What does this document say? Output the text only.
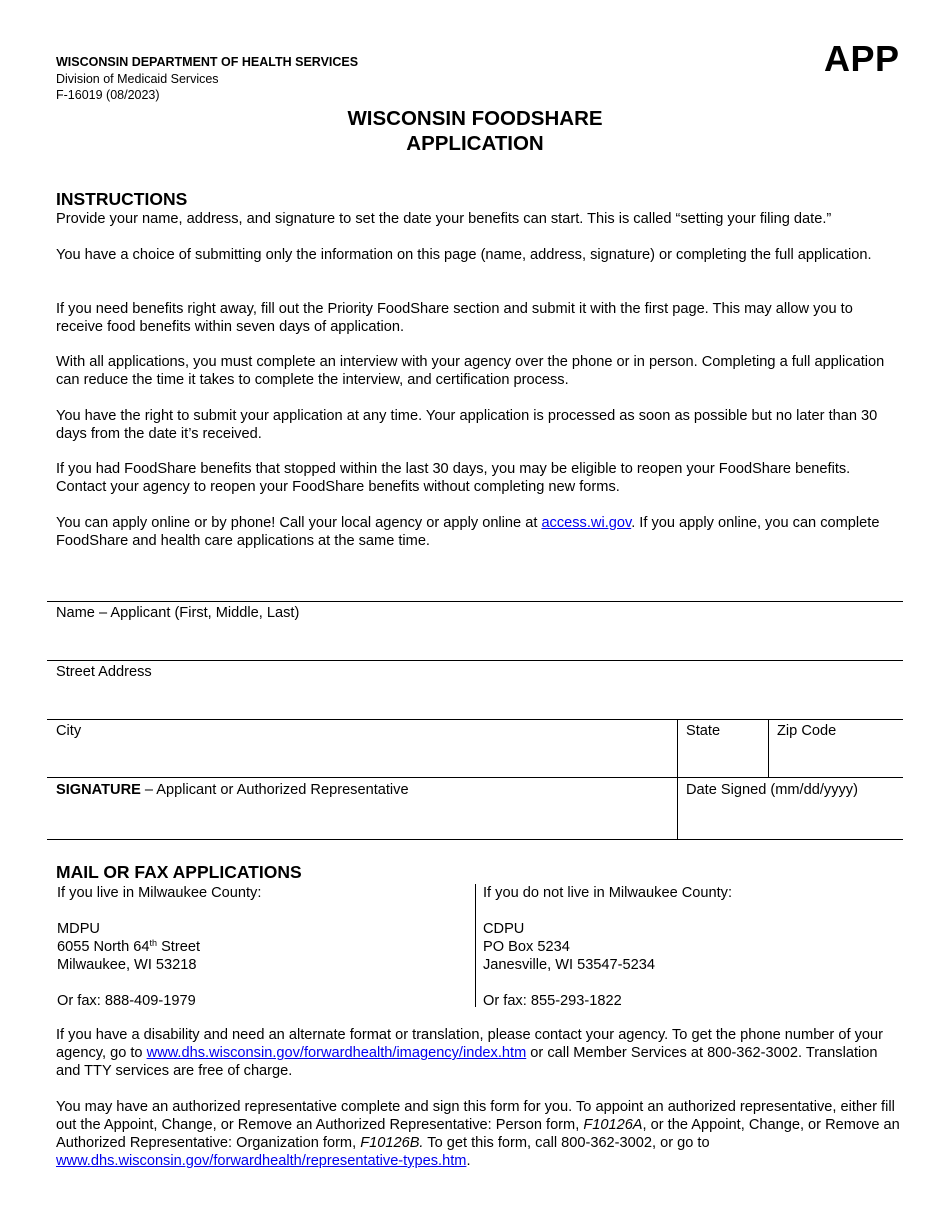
WISCONSIN DEPARTMENT OF HEALTH SERVICES
Division of Medicaid Services
F-16019 (08/2023)
APP
WISCONSIN FOODSHARE
APPLICATION
INSTRUCTIONS
Provide your name, address, and signature to set the date your benefits can start. This is called “setting your filing date.”
You have a choice of submitting only the information on this page (name, address, signature) or completing the full application.
If you need benefits right away, fill out the Priority FoodShare section and submit it with the first page. This may allow you to receive food benefits within seven days of application.
With all applications, you must complete an interview with your agency over the phone or in person. Completing a full application can reduce the time it takes to complete the interview, and certification process.
You have the right to submit your application at any time. Your application is processed as soon as possible but no later than 30 days from the date it’s received.
If you had FoodShare benefits that stopped within the last 30 days, you may be eligible to reopen your FoodShare benefits. Contact your agency to reopen your FoodShare benefits without completing new forms.
You can apply online or by phone! Call your local agency or apply online at access.wi.gov. If you apply online, you can complete FoodShare and health care applications at the same time.
Name – Applicant (First, Middle, Last)
Street Address
City	State	Zip Code
SIGNATURE – Applicant or Authorized Representative	Date Signed (mm/dd/yyyy)
MAIL OR FAX APPLICATIONS
If you live in Milwaukee County:
MDPU
6055 North 64th Street
Milwaukee, WI 53218
Or fax: 888-409-1979
If you do not live in Milwaukee County:
CDPU
PO Box 5234
Janesville, WI 53547-5234
Or fax: 855-293-1822
If you have a disability and need an alternate format or translation, please contact your agency. To get the phone number of your agency, go to www.dhs.wisconsin.gov/forwardhealth/imagency/index.htm or call Member Services at 800-362-3002. Translation and TTY services are free of charge.
You may have an authorized representative complete and sign this form for you. To appoint an authorized representative, either fill out the Appoint, Change, or Remove an Authorized Representative: Person form, F10126A, or the Appoint, Change, or Remove an Authorized Representative: Organization form, F10126B. To get this form, call 800-362-3002, or go to www.dhs.wisconsin.gov/forwardhealth/representative-types.htm.
